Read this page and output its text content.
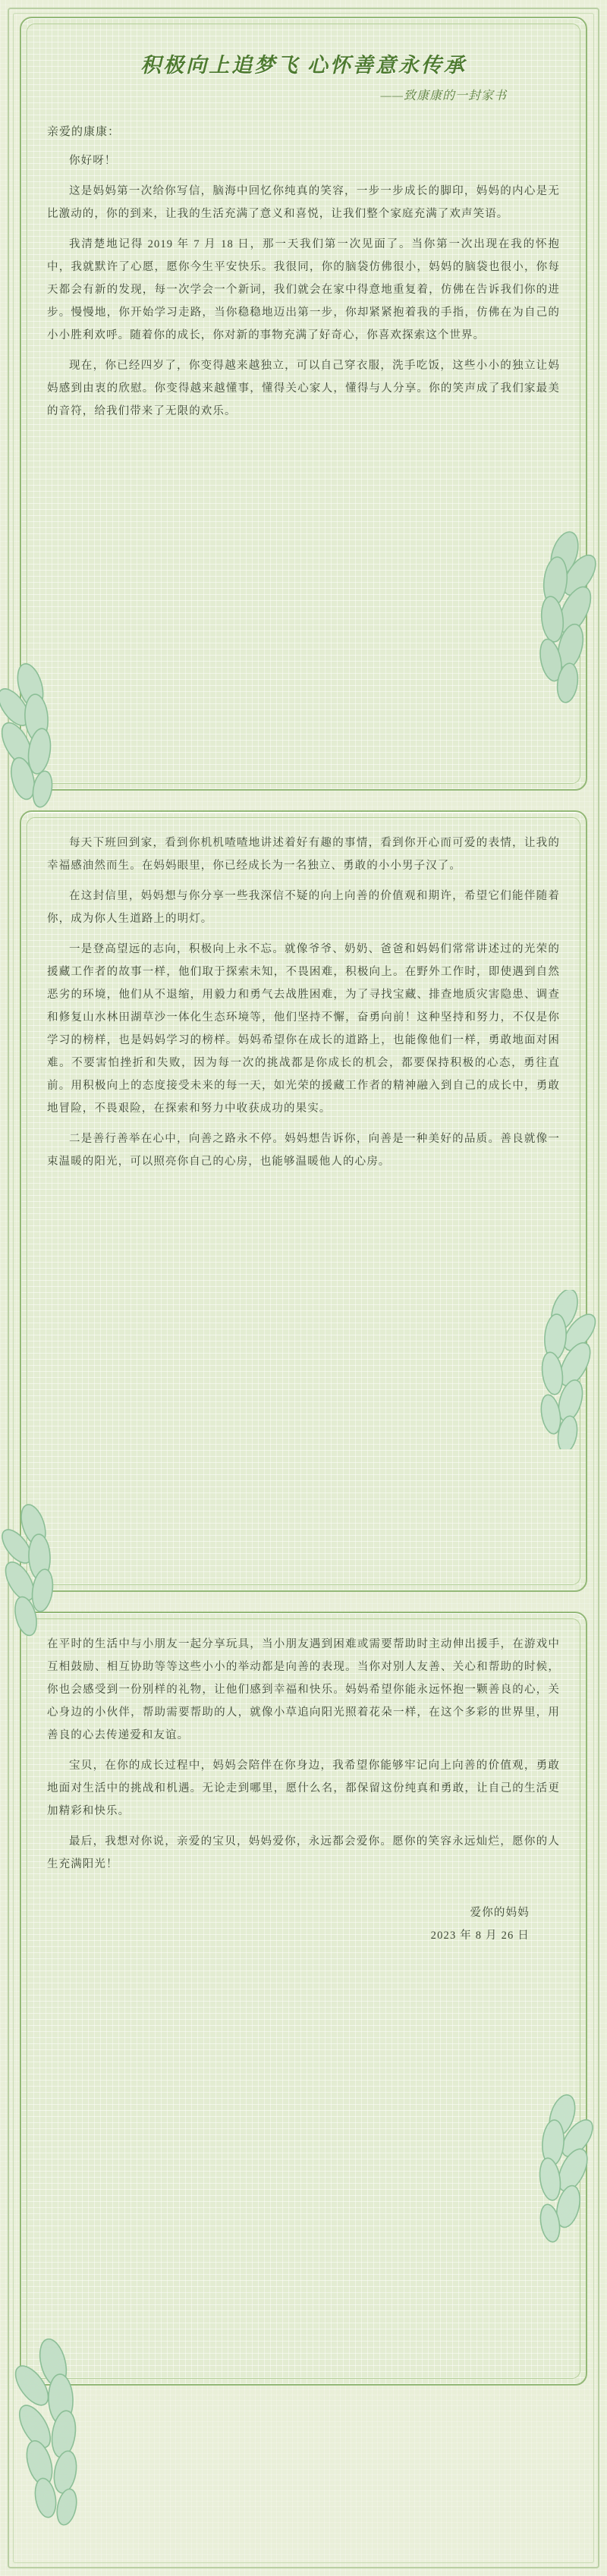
积极向上追梦飞 心怀善意永传承
——致康康的一封家书
亲爱的康康：

你好呀！

这是妈妈第一次给你写信，脑海中回忆你纯真的笑容，一步一步成长的脚印，妈妈的内心是无比激动的，你的到来，让我的生活充满了意义和喜悦，让我们整个家庭充满了欢声笑语。

我清楚地记得 2019 年 7 月 18 日，那一天我们第一次见面了。当你第一次出现在我的怀抱中，我就默许了心愿，愿你今生平安快乐。我很同，你的脑袋仿佛很小，妈妈的脑袋也很小，你每天都会有新的发现，每一次学会一个新词，我们就会在家中得意地重复着，仿佛在告诉我们你的进步。慢慢地，你开始学习走路，当你稳稳地迈出第一步，你却紧紧抱着我的手指，仿佛在为自己的小小胜利欢呼。随着你的成长，你对新的事物充满了好奇心，你喜欢探索这个世界。

现在，你已经四岁了，你变得越来越独立，可以自己穿衣服，洗手吃饭，这些小小的独立让妈妈感到由衷的欣慰。你变得越来越懂事，懂得关心家人，懂得与人分享。你的笑声成了我们家最美的音符，给我们带来了无限的欢乐。

每天下班回到家，看到你机机喳喳地讲述着好有趣的事情，看到你开心而可爱的表情，让我的幸福感油然而生。在妈妈眼里，你已经成长为一名独立、勇敢的小小男子汉了。

在这封信里，妈妈想与你分享一些我深信不疑的向上向善的价值观和期许，希望它们能伴随着你，成为你人生道路上的明灯。

一是登高望远的志向，积极向上永不忘。就像爷爷、奶奶、爸爸和妈妈们常常讲述过的光荣的援藏工作者的故事一样，他们取于探索未知，不畏困难，积极向上。在野外工作时，即使遇到自然恶劣的环境，他们从不退缩，用毅力和勇气去战胜困难，为了寻找宝藏、排查地质灾害隐患、调查和修复山水林田湖草沙一体化生态环境等，他们坚持不懈，奋勇向前！这种坚持和努力，不仅是你学习的榜样，也是妈妈学习的榜样。妈妈希望你在成长的道路上，也能像他们一样，勇敢地面对困难。不要害怕挫折和失败，因为每一次的挑战都是你成长的机会，都要保持积极的心态，勇往直前。用积极向上的态度接受未来的每一天，如光荣的援藏工作者的精神融入到自己的成长中，勇敢地冒险，不畏艰险，在探索和努力中收获成功的果实。

二是善行善举在心中，向善之路永不停。妈妈想告诉你，向善是一种美好的品质。善良就像一束温暖的阳光，可以照亮你自己的心房，也能够温暖他人的心房。

在平时的生活中与小朋友一起分享玩具，当小朋友遇到困难或需要帮助时主动伸出援手，在游戏中互相鼓励、相互协助等等这些小小的举动都是向善的表现。当你对别人友善、关心和帮助的时候，你也会感受到一份别样的礼物，让他们感到幸福和快乐。妈妈希望你能永远怀抱一颗善良的心，关心身边的小伙伴，帮助需要帮助的人，就像小草追向阳光照着花朵一样，在这个多彩的世界里，用善良的心去传递爱和友谊。

宝贝，在你的成长过程中，妈妈会陪伴在你身边，我希望你能够牢记向上向善的价值观，勇敢地面对生活中的挑战和机遇。无论走到哪里，愿什么名，都保留这份纯真和勇敢，让自己的生活更加精彩和快乐。

最后，我想对你说，亲爱的宝贝，妈妈爱你，永远都会爱你。愿你的笑容永远灿烂，愿你的人生充满阳光！

爱你的妈妈
2023 年 8 月 26 日
